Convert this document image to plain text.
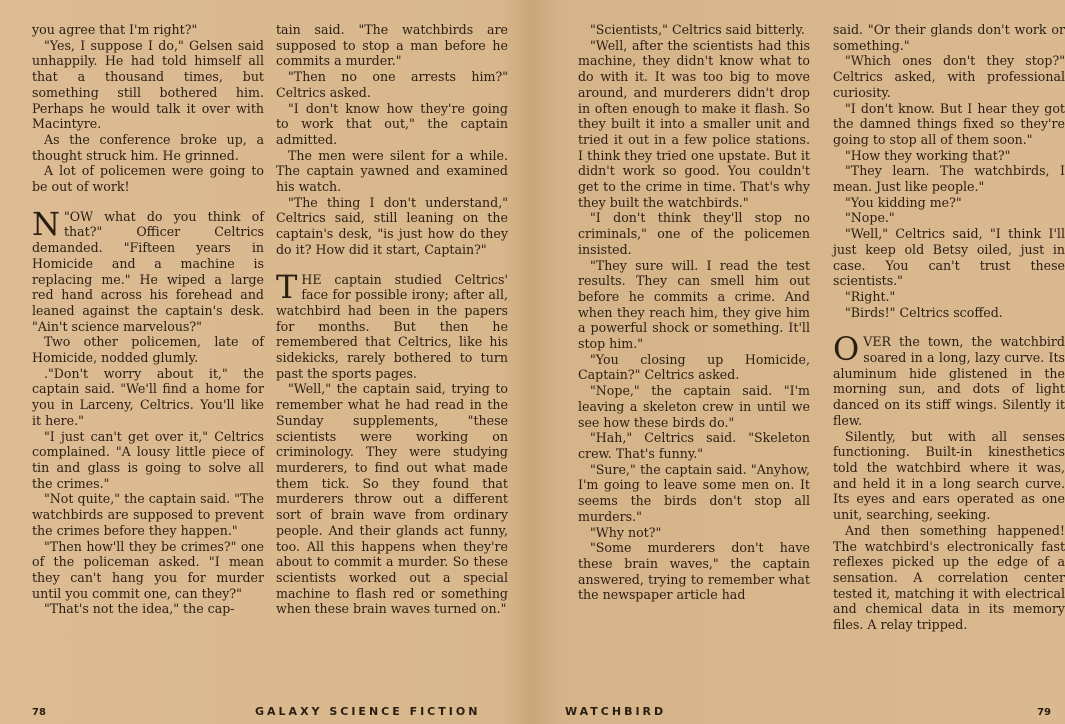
you agree that I'm right?"

"Yes, I suppose I do," Gelsen said unhappily. He had told himself all that a thousand times, but something still bothered him. Perhaps he would talk it over with Macintyre.

As the conference broke up, a thought struck him. He grinned.

A lot of policemen were going to be out of work!

"
N OW what do you think of that?" Officer Celtrics demanded. "Fifteen years in Homicide and a machine is replacing me." He wiped a large red hand across his forehead and leaned against the captain's desk. "Ain't science marvelous?"

Two other policemen, late of Homicide, nodded glumly.

."Don't worry about it," the captain said. "We'll find a home for you in Larceny, Celtrics. You'll like it here."

"I just can't get over it," Celtrics complained. "A lousy little piece of tin and glass is going to solve all the crimes."

"Not quite," the captain said. "The watchbirds are supposed to prevent the crimes before they happen."

"Then how'll they be crimes?" one of the policeman asked. "I mean they can't hang you for murder until you commit one, can they?"

"That's not the idea," the cap-

tain said. "The watchbirds are supposed to stop a man before he commits a murder."

"Then no one arrests him?" Celtrics asked.

"I don't know how they're going to work that out," the captain admitted.

The men were silent for a while. The captain yawned and examined his watch.

"The thing I don't understand," Celtrics said, still leaning on the captain's desk, "is just how do they do it? How did it start, Captain?"

THE captain studied Celtrics' face for possible irony; after all, watchbird had been in the papers for months. But then he remembered that Celtrics, like his sidekicks, rarely bothered to turn past the sports pages.

"Well," the captain said, trying to remember what he had read in the Sunday supplements, "these scientists were working on criminology. They were studying murderers, to find out what made them tick. So they found that murderers throw out a different sort of brain wave from ordinary people. And their glands act funny, too. All this happens when they're about to commit a murder. So these scientists worked out a special machine to flash red or something when these brain waves turned on."

78	GALAXY SCIENCE FICTION

"Scientists," Celtrics said bitterly.

"Well, after the scientists had this machine, they didn't know what to do with it. It was too big to move around, and murderers didn't drop in often enough to make it flash. So they built it into a smaller unit and tried it out in a few police stations. I think they tried one upstate. But it didn't work so good. You couldn't get to the crime in time. That's why they built the watchbirds."

"I don't think they'll stop no criminals," one of the policemen insisted.

"They sure will. I read the test results. They can smell him out before he commits a crime. And when they reach him, they give him a powerful shock or something. It'll stop him."

"You closing up Homicide, Captain?" Celtrics asked.

"Nope," the captain said. "I'm leaving a skeleton crew in until we see how these birds do."

"Hah," Celtrics said. "Skeleton crew. That's funny."

"Sure," the captain said. "Anyhow, I'm going to leave some men on. It seems the birds don't stop all murders."

"Why not?"

"Some murderers don't have these brain waves," the captain answered, trying to remember what the newspaper article had

said. "Or their glands don't work or something."

"Which ones don't they stop?" Celtrics asked, with professional curiosity.

"I don't know. But I hear they got the damned things fixed so they're going to stop all of them soon."

"How they working that?"

"They learn. The watchbirds, I mean. Just like people."

"You kidding me?"

"Nope."

"Well," Celtrics said, "I think I'll just keep old Betsy oiled, just in case. You can't trust these scientists."

"Right."

"Birds!" Celtrics scoffed.

OVER the town, the watchbird soared in a long, lazy curve. Its aluminum hide glistened in the morning sun, and dots of light danced on its stiff wings. Silently it flew.

Silently, but with all senses functioning. Built-in kinesthetics told the watchbird where it was, and held it in a long search curve. Its eyes and ears operated as one unit, searching, seeking.

And then something happened! The watchbird's electronically fast reflexes picked up the edge of a sensation. A correlation center tested it, matching it with electrical and chemical data in its memory files. A relay tripped.

WATCHBIRD	79
